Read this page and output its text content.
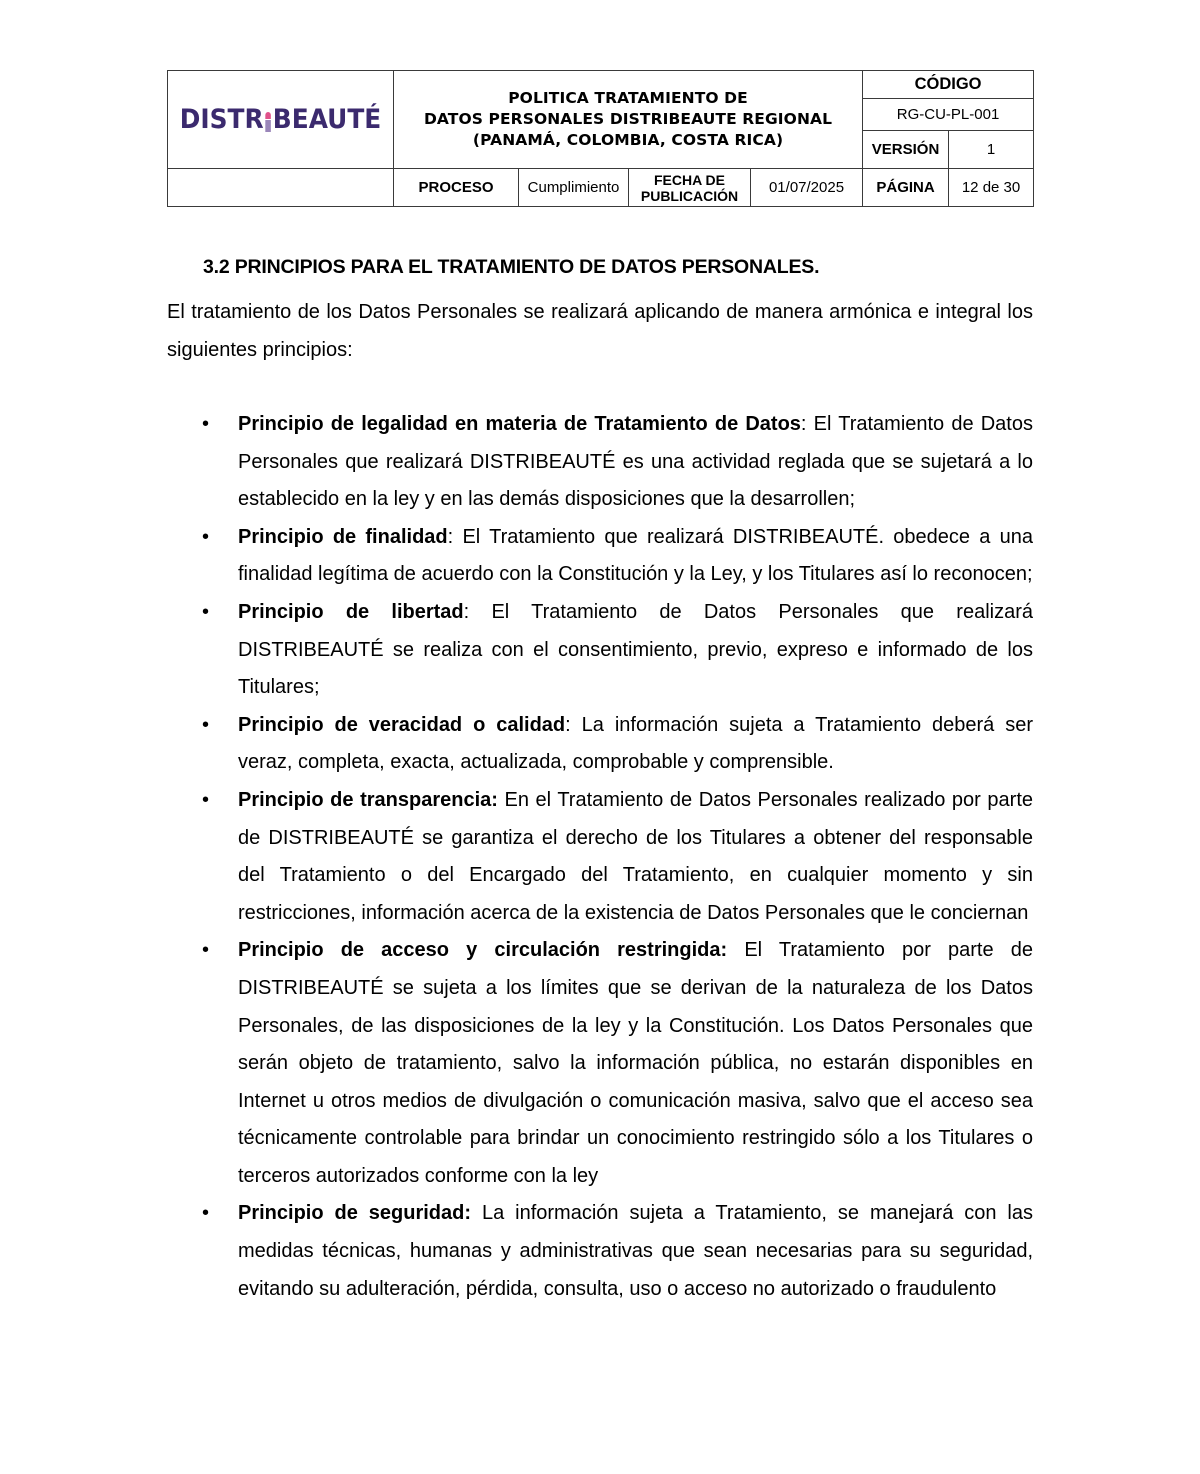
DISTR BEAUTÉ

POLITICA TRATAMIENTO DE
DATOS PERSONALES DISTRIBEAUTE REGIONAL
(PANAMÁ, COLOMBIA, COSTA RICA)
	CÓDIGO
					RG-CU-PL-001	
					VERSIÓN	1
	PROCESO	Cumplimiento	FECHA DE
PUBLICACIÓN	01/07/2025	PÁGINA	12 de 30
3.2 PRINCIPIOS PARA EL TRATAMIENTO DE DATOS PERSONALES.

El tratamiento de los Datos Personales se realizará aplicando de manera armónica e integral los siguientes principios:

• Principio de legalidad en materia de Tratamiento de Datos: El Tratamiento de Datos Personales que realizará DISTRIBEAUTÉ es una actividad reglada que se sujetará a lo establecido en la ley y en las demás disposiciones que la desarrollen;
• Principio de finalidad: El Tratamiento que realizará DISTRIBEAUTÉ. obedece a una finalidad legítima de acuerdo con la Constitución y la Ley, y los Titulares así lo reconocen;
• Principio de libertad: El Tratamiento de Datos Personales que realizará DISTRIBEAUTÉ se realiza con el consentimiento, previo, expreso e informado de los Titulares;
• Principio de veracidad o calidad: La información sujeta a Tratamiento deberá ser veraz, completa, exacta, actualizada, comprobable y comprensible.
• Principio de transparencia: En el Tratamiento de Datos Personales realizado por parte de DISTRIBEAUTÉ se garantiza el derecho de los Titulares a obtener del responsable del Tratamiento o del Encargado del Tratamiento, en cualquier momento y sin restricciones, información acerca de la existencia de Datos Personales que le conciernan
• Principio de acceso y circulación restringida: El Tratamiento por parte de DISTRIBEAUTÉ se sujeta a los límites que se derivan de la naturaleza de los Datos Personales, de las disposiciones de la ley y la Constitución. Los Datos Personales que serán objeto de tratamiento, salvo la información pública, no estarán disponibles en Internet u otros medios de divulgación o comunicación masiva, salvo que el acceso sea técnicamente controlable para brindar un conocimiento restringido sólo a los Titulares o terceros autorizados conforme con la ley
• Principio de seguridad: La información sujeta a Tratamiento, se manejará con las medidas técnicas, humanas y administrativas que sean necesarias para su seguridad, evitando su adulteración, pérdida, consulta, uso o acceso no autorizado o fraudulento
